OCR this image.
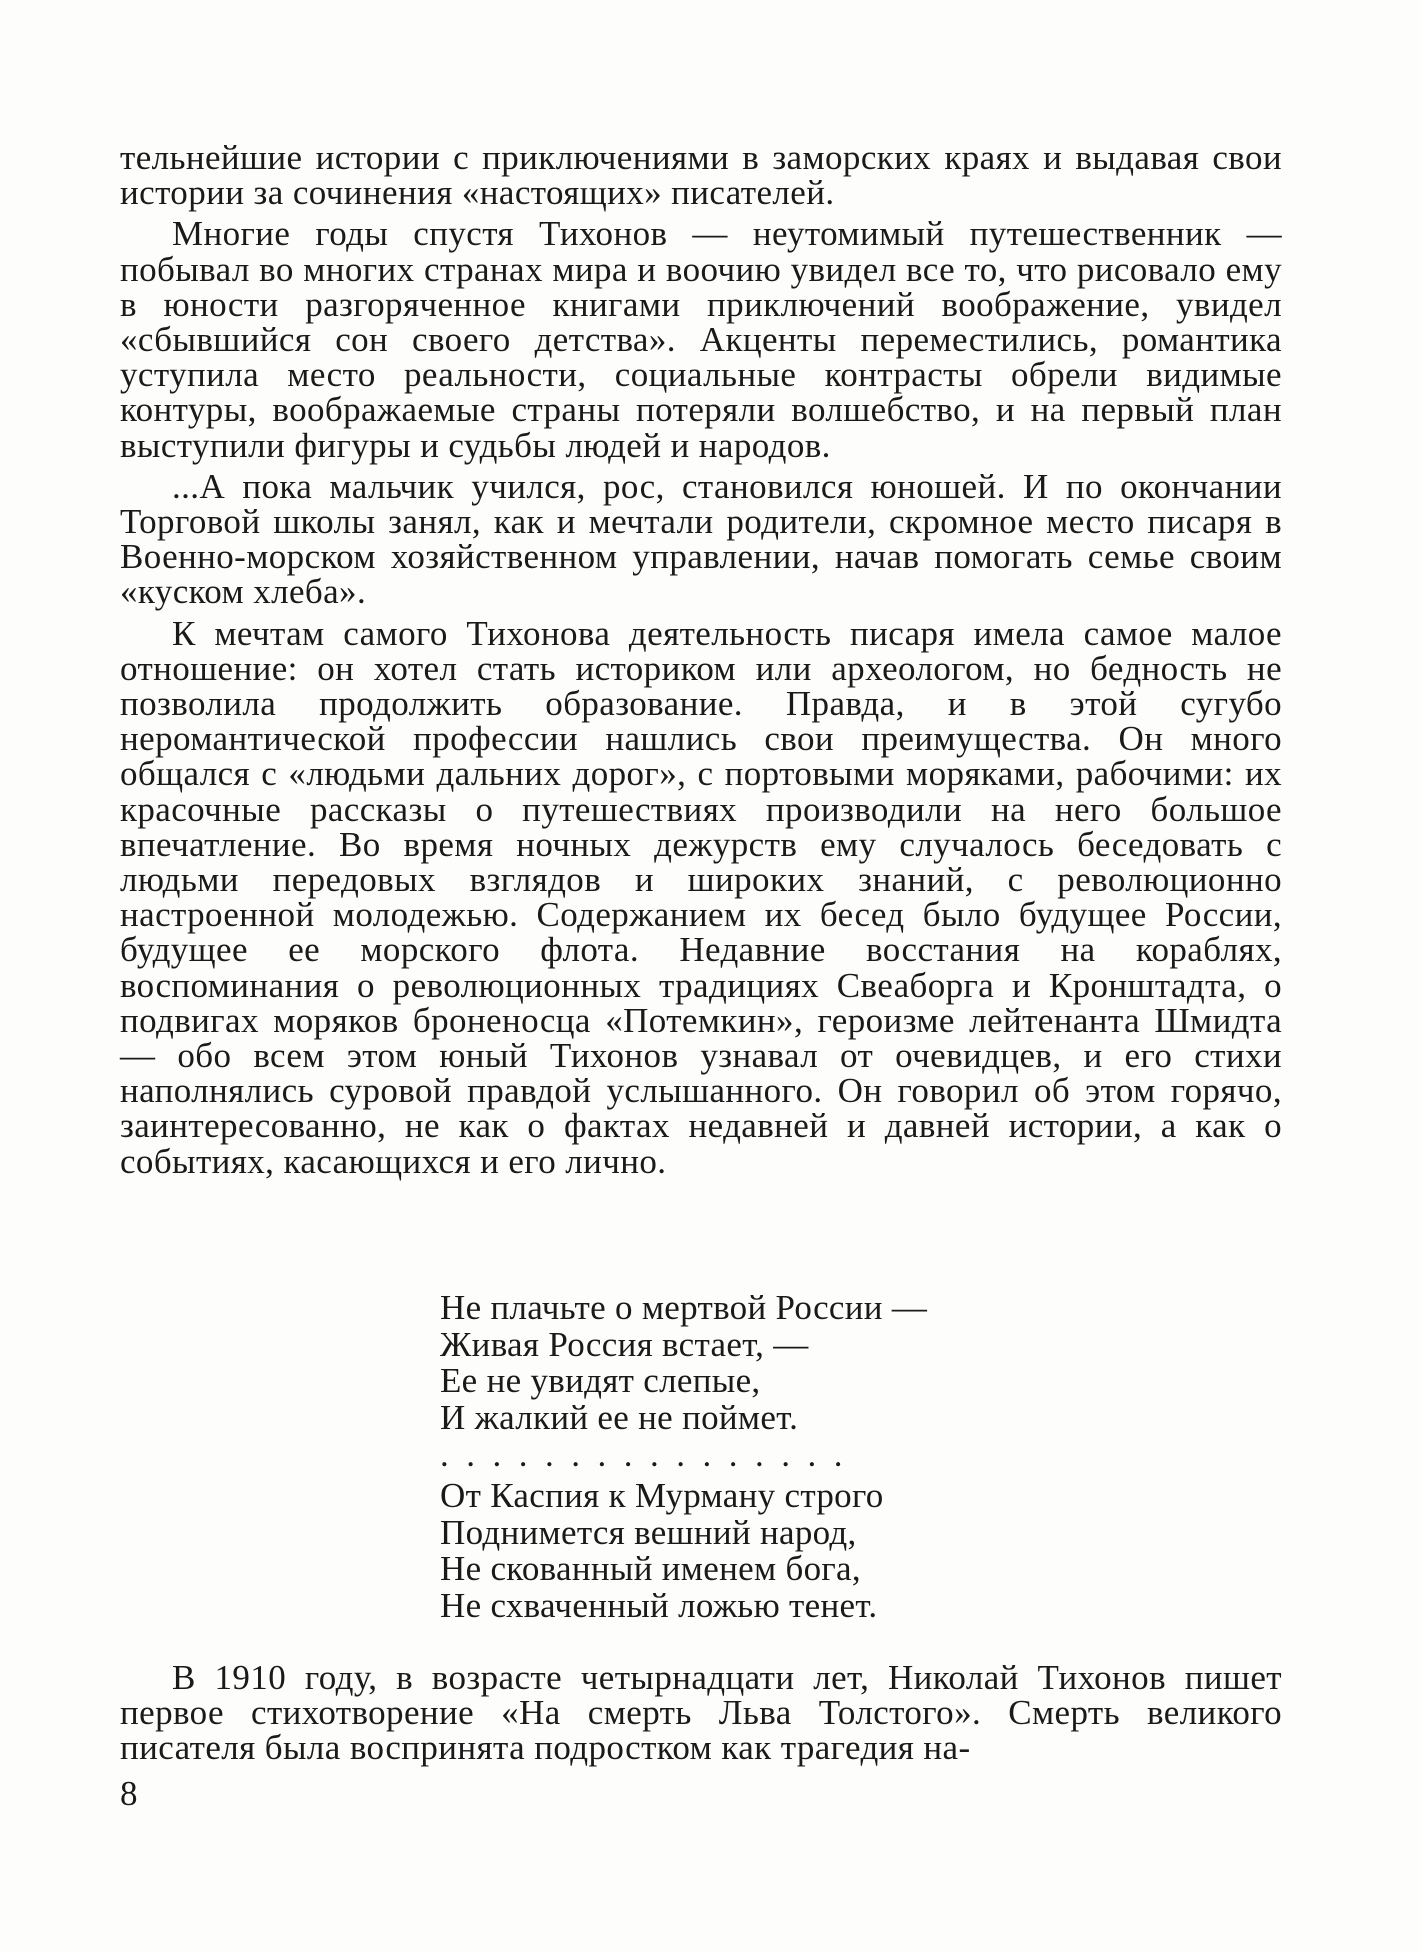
тельнейшие истории с приключениями в заморских краях и выдавая свои истории за сочинения «настоящих» писателей.

Многие годы спустя Тихонов — неутомимый путешественник — побывал во многих странах мира и воочию увидел все то, что рисовало ему в юности разгоряченное книгами приключений воображение, увидел «сбывшийся сон своего детства». Акценты переместились, романтика уступила место реальности, социальные контрасты обрели видимые контуры, воображаемые страны потеряли волшебство, и на первый план выступили фигуры и судьбы людей и народов.

...А пока мальчик учился, рос, становился юношей. И по окончании Торговой школы занял, как и мечтали родители, скромное место писаря в Военно-морском хозяйственном управлении, начав помогать семье своим «куском хлеба».

К мечтам самого Тихонова деятельность писаря имела самое малое отношение: он хотел стать историком или археологом, но бедность не позволила продолжить образование. Правда, и в этой сугубо неромантической профессии нашлись свои преимущества. Он много общался с «людьми дальних дорог», с портовыми моряками, рабочими: их красочные рассказы о путешествиях производили на него большое впечатление. Во время ночных дежурств ему случалось беседовать с людьми передовых взглядов и широких знаний, с революционно настроенной молодежью. Содержанием их бесед было будущее России, будущее ее морского флота. Недавние восстания на кораблях, воспоминания о революционных традициях Свеаборга и Кронштадта, о подвигах моряков броненосца «Потемкин», героизме лейтенанта Шмидта — обо всем этом юный Тихонов узнавал от очевидцев, и его стихи наполнялись суровой правдой услышанного. Он говорил об этом горячо, заинтересованно, не как о фактах недавней и давней истории, а как о событиях, касающихся и его лично.

Не плачьте о мертвой России —
Живая Россия встает, —
Ее не увидят слепые,
И жалкий ее не поймет.
................
От Каспия к Мурману строго
Поднимется вешний народ,
Не скованный именем бога,
Не схваченный ложью тенет.

В 1910 году, в возрасте четырнадцати лет, Николай Тихонов пишет первое стихотворение «На смерть Льва Толстого». Смерть великого писателя была воспринята подростком как трагедия на-

8
